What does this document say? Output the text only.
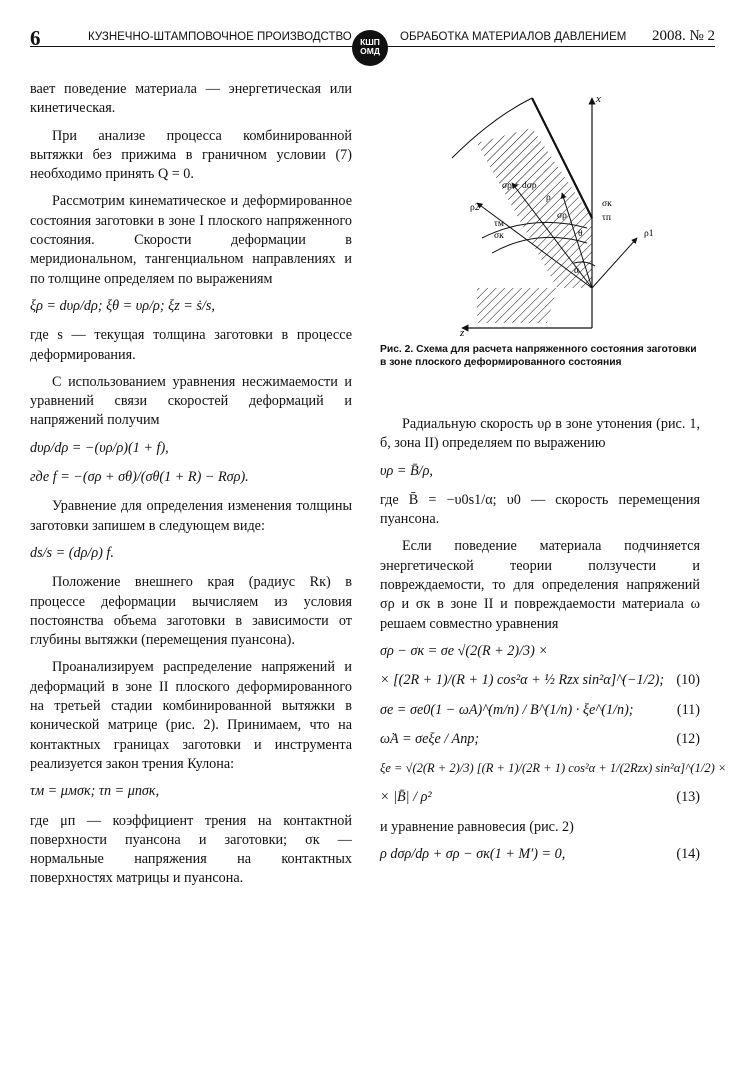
6	КУЗНЕЧНО-ШТАМПОВОЧНОЕ ПРОИЗВОДСТВО КШП
ОМД
ОБРАБОТКА МАТЕРИАЛОВ ДАВЛЕНИЕМ 2008. № 2

вает поведение материала — энергетическая или кинетическая.

При анализе процесса комбинированной вытяжки без прижима в граничном условии (7) необходимо принять Q = 0.

Рассмотрим кинематическое и деформированное состояния заготовки в зоне I плоского напряженного состояния. Скорости деформации в меридиональном, тангенциальном направлениях и по толщине определяем по выражениям

ξρ = dυρ/dρ; ξθ = υρ/ρ; ξz = ṡ/s,

где s — текущая толщина заготовки в процессе деформирования.

С использованием уравнения несжимаемости и уравнений связи скоростей деформаций и напряжений получим

dυρ/dρ = −(υρ/ρ)(1 + f),
где f = −(σρ + σθ)/(σθ(1 + R) − Rσρ).

Уравнение для определения изменения толщины заготовки запишем в следующем виде:

ds/s = (dρ/ρ) f.

Положение внешнего края (радиус Rк) в процессе деформации вычисляем из условия постоянства объема заготовки в зависимости от глубины вытяжки (перемещения пуансона).

Проанализируем распределение напряжений и деформаций в зоне II плоского деформированного на третьей стадии комбинированной вытяжки в конической матрице (рис. 2). Принимаем, что на контактных границах заготовки и инструмента реализуется закон трения Кулона:

τм = μмσк; τп = μпσк,

где μп — коэффициент трения на контактной поверхности пуансона и заготовки; σк — нормальные напряжения на контактных поверхностях матрицы и пуансона.

x
z
σρ + dσρ
σρ
ρ
ρ1
ρ2
σк
τм
σк
τп
θ
α
Рис. 2. Схема для расчета напряженного состояния заготовки в зоне плоского деформированного состояния

Радиальную скорость υρ в зоне утонения (рис. 1, б, зона II) определяем по выражению

υρ = B̄/ρ,

где B̄ = −υ0s1/α; υ0 — скорость перемещения пуансона.

Если поведение материала подчиняется энергетической теории ползучести и повреждаемости, то для определения напряжений σρ и σк в зоне II и повреждаемости материала ω решаем совместно уравнения

σρ − σк = σe √(2(R + 2)/3) ×
× [(2R + 1)/(R + 1) cos²α + ½ Rzx sin²α]^(−1/2); (10)
σe = σe0(1 − ωA)^(m/n) / B^(1/n) · ξe^(1/n);	(11)
ω̇A = σeξe / Aпр;	(12)
ξe = √(2(R + 2)/3) [(R + 1)/(2R + 1) cos²α + 1/(2Rzx) sin²α]^(1/2) ×
× |B̄| / ρ²	(13)

и уравнение равновесия (рис. 2)

ρ dσρ/dρ + σρ − σк(1 + M′) = 0,	(14)
